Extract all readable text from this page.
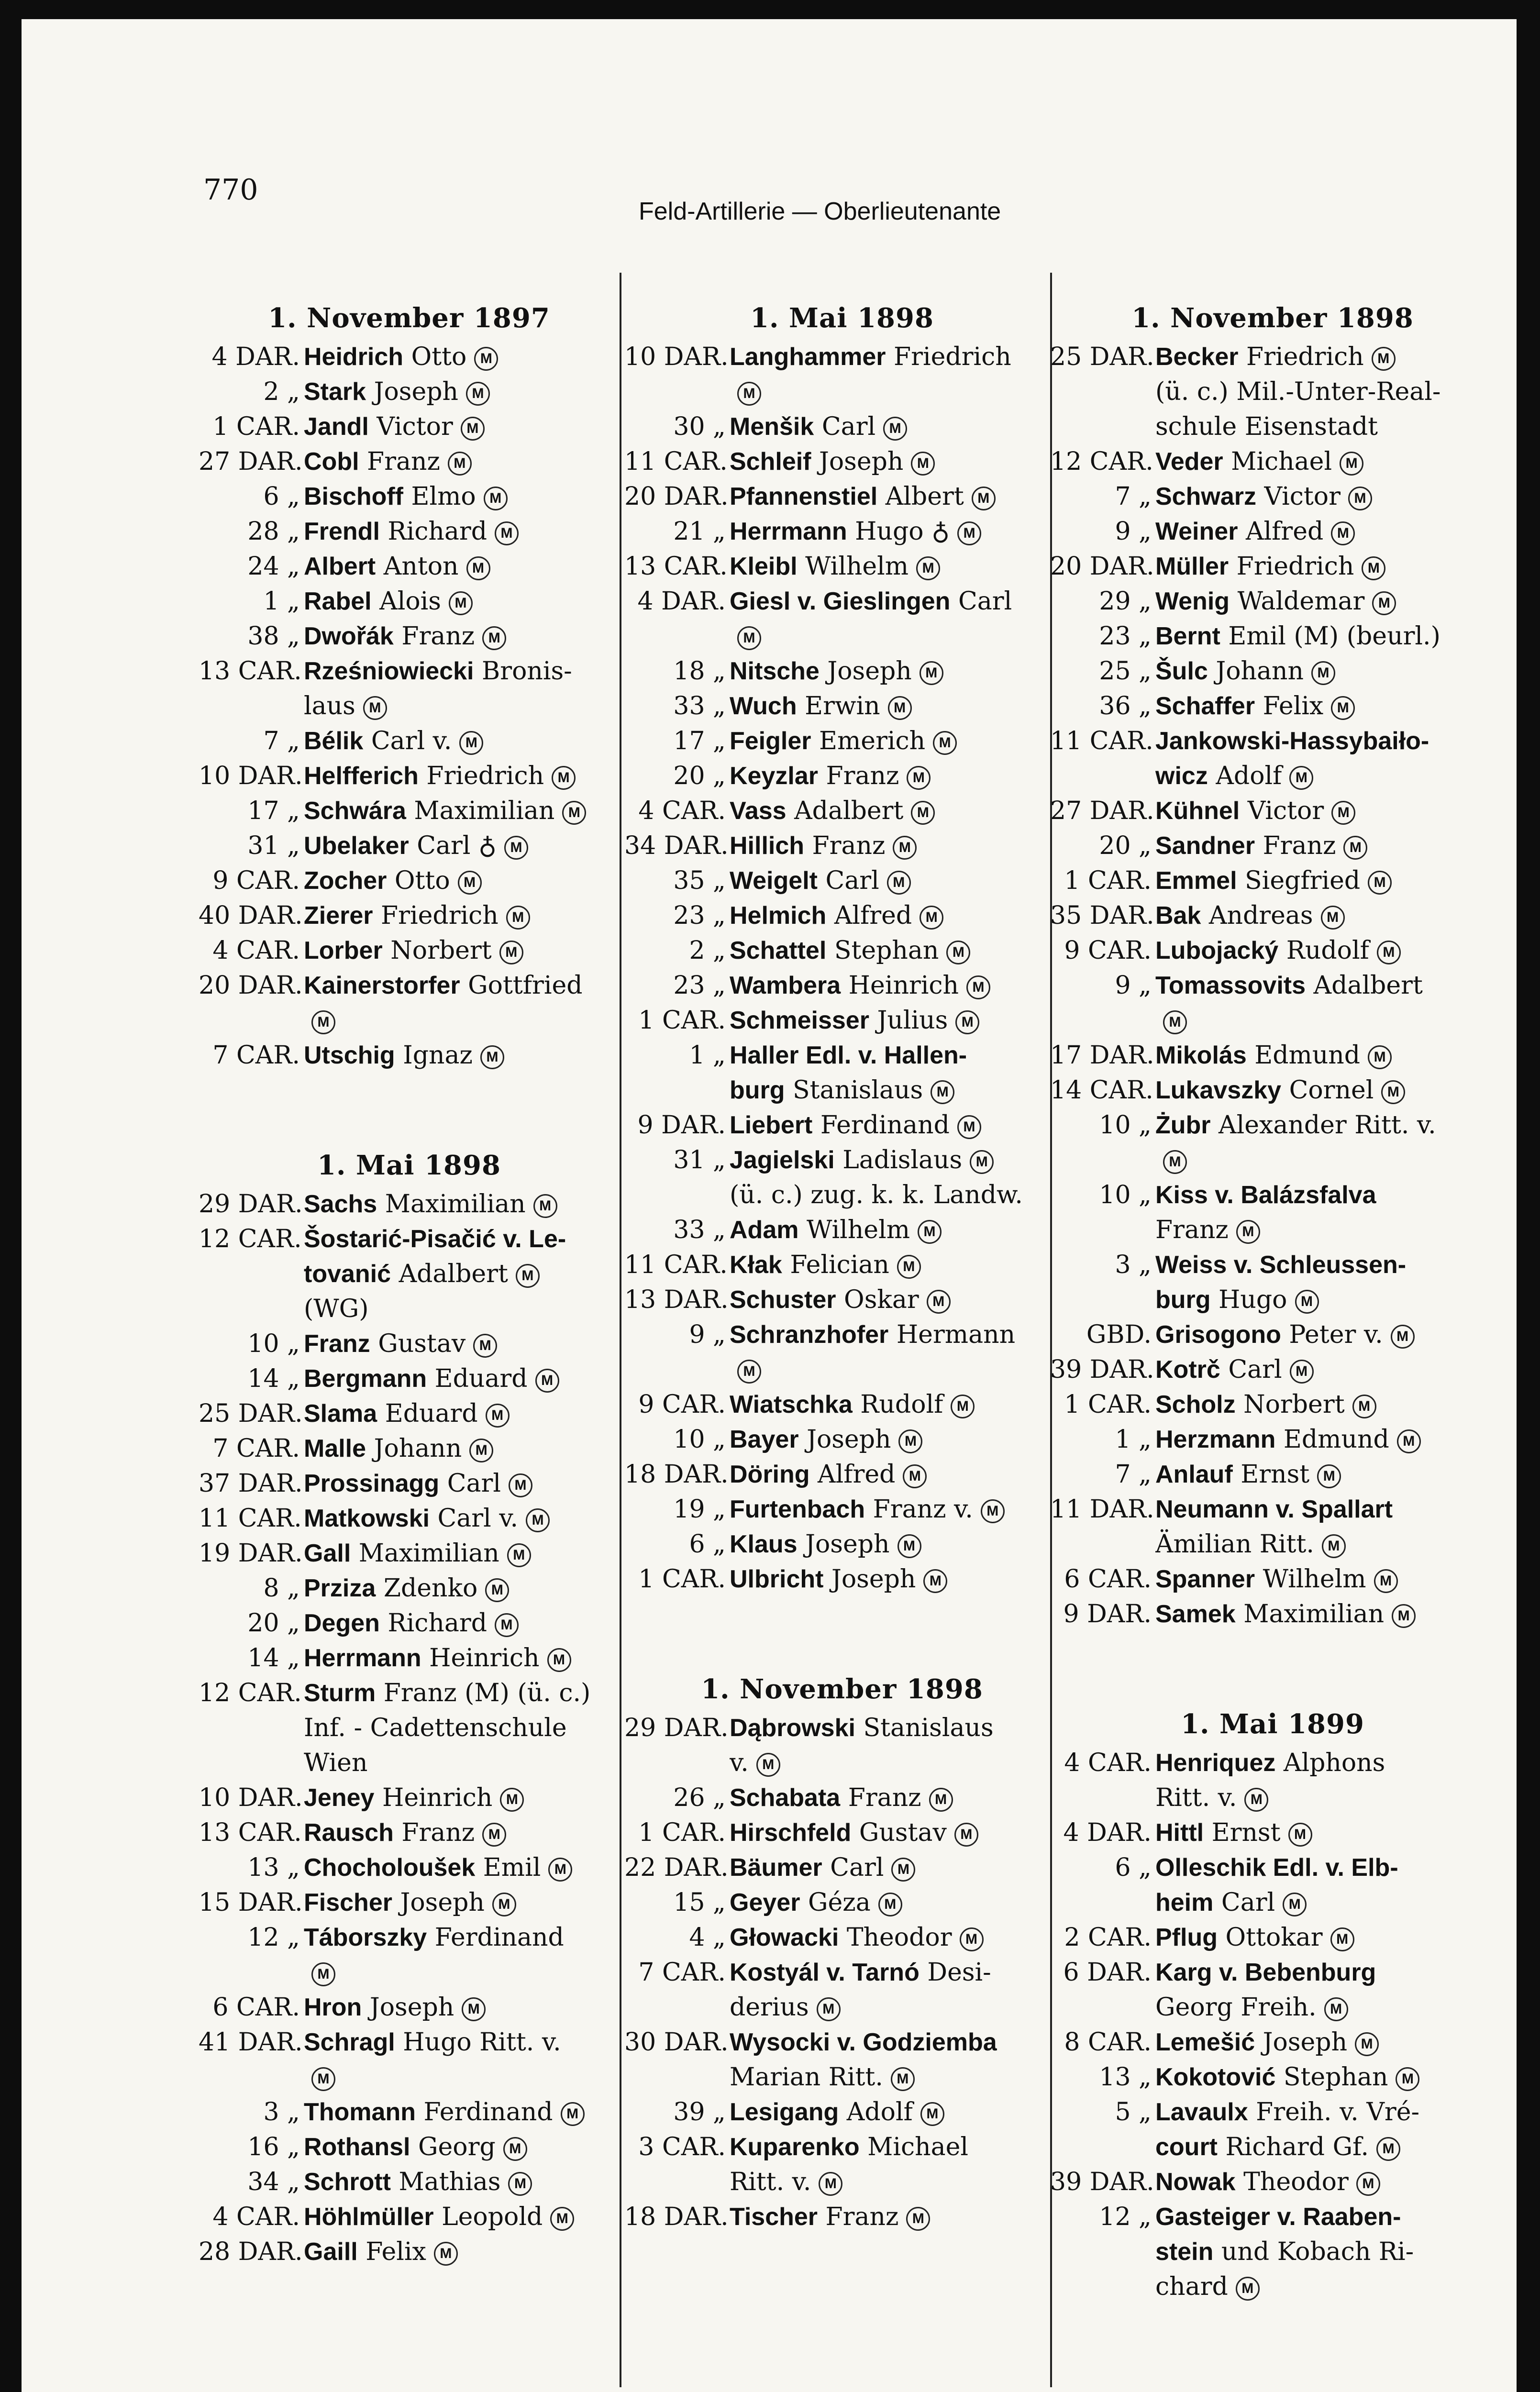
770
Feld-Artillerie — Oberlieutenante
1. November 1897
4 DAR. Heidrich Otto M
2 „ Stark Joseph M
1 CAR. Jandl Victor M
27 DAR. Cobl Franz M
6 „ Bischoff Elmo M
28 „ Frendl Richard M
24 „ Albert Anton M
1 „ Rabel Alois M
38 „ Dwořák Franz M
13 CAR. Rześniowiecki Bronis-
laus M
7 „ Bélik Carl v. M
10 DAR. Helfferich Friedrich M
17 „ Schwára Maximilian M
31 „ Ubelaker Carl ♁ M
9 CAR. Zocher Otto M
40 DAR. Zierer Friedrich M
4 CAR. Lorber Norbert M
20 DAR. Kainerstorfer Gottfried
M
7 CAR. Utschig Ignaz M
1. Mai 1898
29 DAR. Sachs Maximilian M
12 CAR. Šostarić-Pisačić v. Le-
tovanić Adalbert M
(WG)
10 „ Franz Gustav M
14 „ Bergmann Eduard M
25 DAR. Slama Eduard M
7 CAR. Malle Johann M
37 DAR. Prossinagg Carl M
11 CAR. Matkowski Carl v. M
19 DAR. Gall Maximilian M
8 „ Prziza Zdenko M
20 „ Degen Richard M
14 „ Herrmann Heinrich M
12 CAR. Sturm Franz (M) (ü. c.)
Inf. - Cadettenschule
Wien
10 DAR. Jeney Heinrich M
13 CAR. Rausch Franz M
13 „ Chocholoušek Emil M
15 DAR. Fischer Joseph M
12 „ Táborszky Ferdinand
M
6 CAR. Hron Joseph M
41 DAR. Schragl Hugo Ritt. v.
M
3 „ Thomann Ferdinand M
16 „ Rothansl Georg M
34 „ Schrott Mathias M
4 CAR. Höhlmüller Leopold M
28 DAR. Gaill Felix M
1. Mai 1898
10 DAR. Langhammer Friedrich
M
30 „ Menšik Carl M
11 CAR. Schleif Joseph M
20 DAR. Pfannenstiel Albert M
21 „ Herrmann Hugo ♁ M
13 CAR. Kleibl Wilhelm M
4 DAR. Giesl v. Gieslingen Carl
M
18 „ Nitsche Joseph M
33 „ Wuch Erwin M
17 „ Feigler Emerich M
20 „ Keyzlar Franz M
4 CAR. Vass Adalbert M
34 DAR. Hillich Franz M
35 „ Weigelt Carl M
23 „ Helmich Alfred M
2 „ Schattel Stephan M
23 „ Wambera Heinrich M
1 CAR. Schmeisser Julius M
1 „ Haller Edl. v. Hallen-
burg Stanislaus M
9 DAR. Liebert Ferdinand M
31 „ Jagielski Ladislaus M
(ü. c.) zug. k. k. Landw.
33 „ Adam Wilhelm M
11 CAR. Kłak Felician M
13 DAR. Schuster Oskar M
9 „ Schranzhofer Hermann
M
9 CAR. Wiatschka Rudolf M
10 „ Bayer Joseph M
18 DAR. Döring Alfred M
19 „ Furtenbach Franz v. M
6 „ Klaus Joseph M
1 CAR. Ulbricht Joseph M
1. November 1898
29 DAR. Dąbrowski Stanislaus
v. M
26 „ Schabata Franz M
1 CAR. Hirschfeld Gustav M
22 DAR. Bäumer Carl M
15 „ Geyer Géza M
4 „ Głowacki Theodor M
7 CAR. Kostyál v. Tarnó Desi-
derius M
30 DAR. Wysocki v. Godziemba
Marian Ritt. M
39 „ Lesigang Adolf M
3 CAR. Kuparenko Michael
Ritt. v. M
18 DAR. Tischer Franz M
1. November 1898
25 DAR. Becker Friedrich M
(ü. c.) Mil.-Unter-Real-
schule Eisenstadt
12 CAR. Veder Michael M
7 „ Schwarz Victor M
9 „ Weiner Alfred M
20 DAR. Müller Friedrich M
29 „ Wenig Waldemar M
23 „ Bernt Emil (M) (beurl.)
25 „ Šulc Johann M
36 „ Schaffer Felix M
11 CAR. Jankowski-Hassybaiło-
wicz Adolf M
27 DAR. Kühnel Victor M
20 „ Sandner Franz M
1 CAR. Emmel Siegfried M
35 DAR. Bak Andreas M
9 CAR. Lubojacký Rudolf M
9 „ Tomassovits Adalbert
M
17 DAR. Mikolás Edmund M
14 CAR. Lukavszky Cornel M
10 „ Żubr Alexander Ritt. v.
M
10 „ Kiss v. Balázsfalva
Franz M
3 „ Weiss v. Schleussen-
burg Hugo M
GBD. Grisogono Peter v. M
39 DAR. Kotrč Carl M
1 CAR. Scholz Norbert M
1 „ Herzmann Edmund M
7 „ Anlauf Ernst M
11 DAR. Neumann v. Spallart
Ämilian Ritt. M
6 CAR. Spanner Wilhelm M
9 DAR. Samek Maximilian M
1. Mai 1899
4 CAR. Henriquez Alphons
Ritt. v. M
4 DAR. Hittl Ernst M
6 „ Olleschik Edl. v. Elb-
heim Carl M
2 CAR. Pflug Ottokar M
6 DAR. Karg v. Bebenburg
Georg Freih. M
8 CAR. Lemešić Joseph M
13 „ Kokotović Stephan M
5 „ Lavaulx Freih. v. Vré-
court Richard Gf. M
39 DAR. Nowak Theodor M
12 „ Gasteiger v. Raaben-
stein und Kobach Ri-
chard M
